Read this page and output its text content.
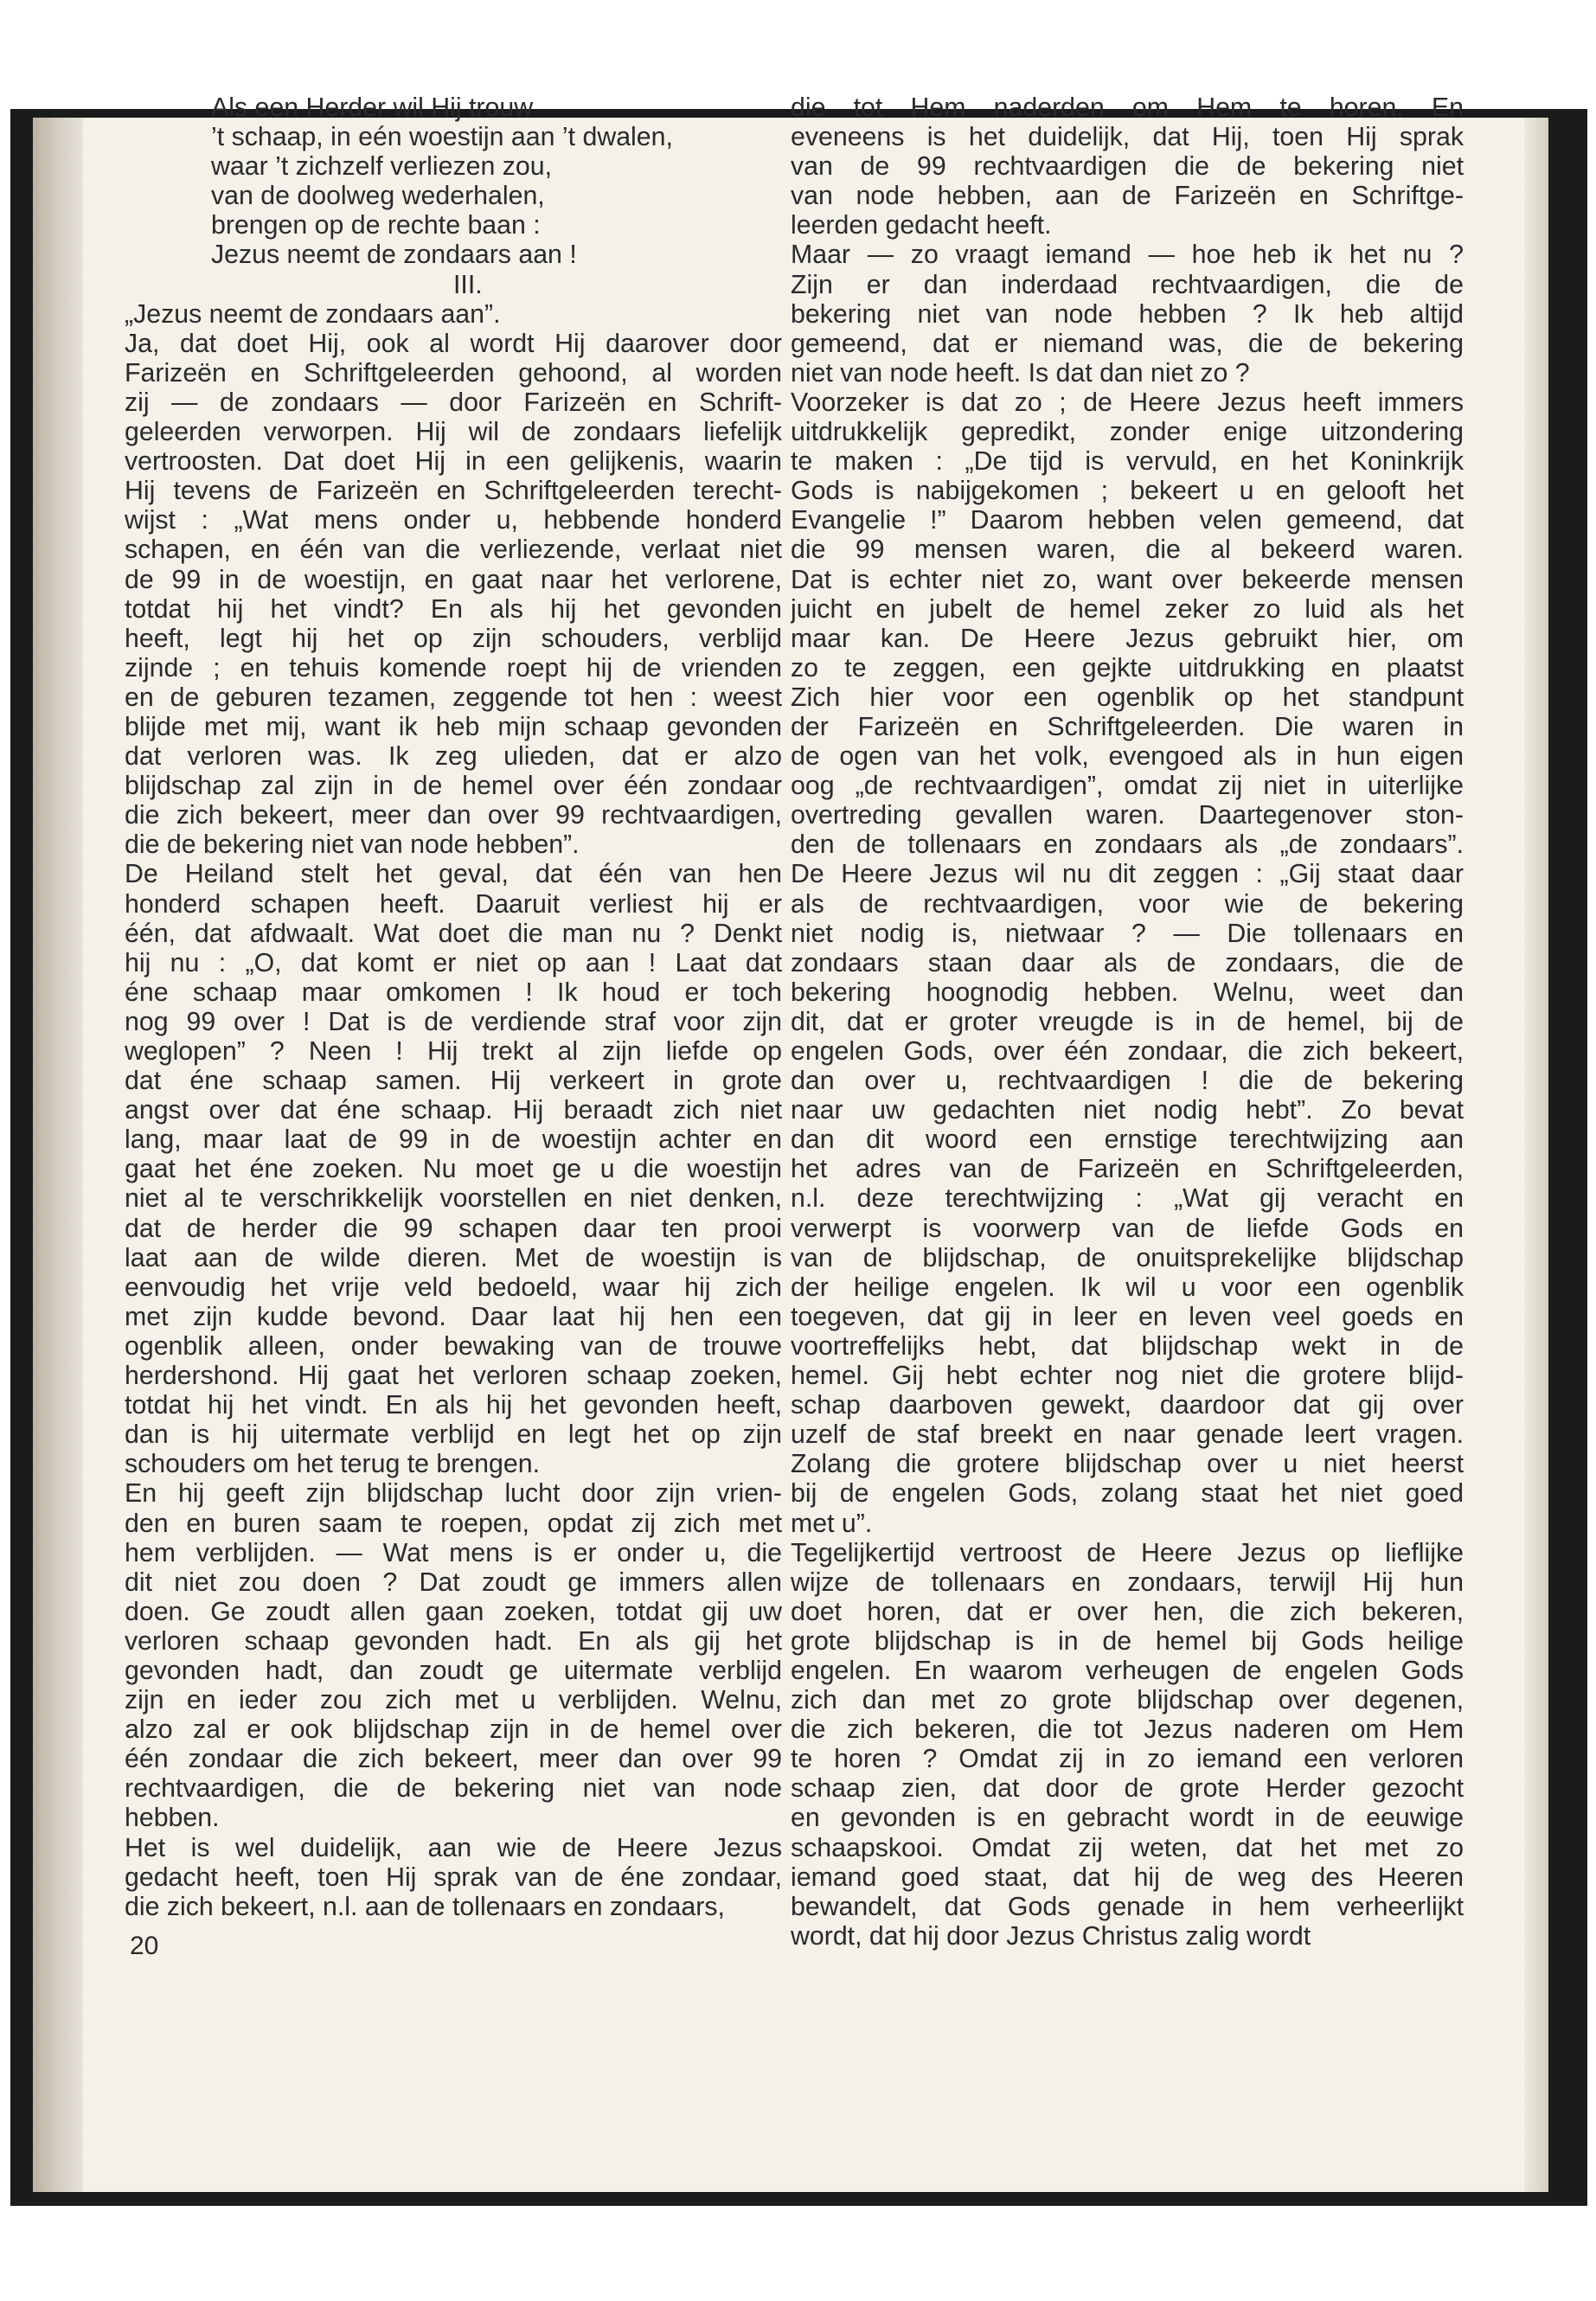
Als een Herder wil Hij trouw
’t schaap, in eén woestijn aan ’t dwalen,
waar ’t zichzelf verliezen zou,
van de doolweg wederhalen,
brengen op de rechte baan :
Jezus neemt de zondaars aan !
III.
„Jezus neemt de zondaars aan”.
Ja, dat doet Hij, ook al wordt Hij daarover door
Farizeën en Schriftgeleerden gehoond, al worden
zij — de zondaars — door Farizeën en Schrift-
geleerden verworpen. Hij wil de zondaars liefelijk
vertroosten. Dat doet Hij in een gelijkenis, waarin
Hij tevens de Farizeën en Schriftgeleerden terecht-
wijst : „Wat mens onder u, hebbende honderd
schapen, en één van die verliezende, verlaat niet
de 99 in de woestijn, en gaat naar het verlorene,
totdat hij het vindt? En als hij het gevonden
heeft, legt hij het op zijn schouders, verblijd
zijnde ; en tehuis komende roept hij de vrienden
en de geburen tezamen, zeggende tot hen : weest
blijde met mij, want ik heb mijn schaap gevonden
dat verloren was. Ik zeg ulieden, dat er alzo
blijdschap zal zijn in de hemel over één zondaar
die zich bekeert, meer dan over 99 rechtvaardigen,
die de bekering niet van node hebben”.
De Heiland stelt het geval, dat één van hen
honderd schapen heeft. Daaruit verliest hij er
één, dat afdwaalt. Wat doet die man nu ? Denkt
hij nu : „O, dat komt er niet op aan ! Laat dat
éne schaap maar omkomen ! Ik houd er toch
nog 99 over ! Dat is de verdiende straf voor zijn
weglopen” ? Neen ! Hij trekt al zijn liefde op
dat éne schaap samen. Hij verkeert in grote
angst over dat éne schaap. Hij beraadt zich niet
lang, maar laat de 99 in de woestijn achter en
gaat het éne zoeken. Nu moet ge u die woestijn
niet al te verschrikkelijk voorstellen en niet denken,
dat de herder die 99 schapen daar ten prooi
laat aan de wilde dieren. Met de woestijn is
eenvoudig het vrije veld bedoeld, waar hij zich
met zijn kudde bevond. Daar laat hij hen een
ogenblik alleen, onder bewaking van de trouwe
herdershond. Hij gaat het verloren schaap zoeken,
totdat hij het vindt. En als hij het gevonden heeft,
dan is hij uitermate verblijd en legt het op zijn
schouders om het terug te brengen.
En hij geeft zijn blijdschap lucht door zijn vrien-
den en buren saam te roepen, opdat zij zich met
hem verblijden. — Wat mens is er onder u, die
dit niet zou doen ? Dat zoudt ge immers allen
doen. Ge zoudt allen gaan zoeken, totdat gij uw
verloren schaap gevonden hadt. En als gij het
gevonden hadt, dan zoudt ge uitermate verblijd
zijn en ieder zou zich met u verblijden. Welnu,
alzo zal er ook blijdschap zijn in de hemel over
één zondaar die zich bekeert, meer dan over 99
rechtvaardigen, die de bekering niet van node
hebben.
Het is wel duidelijk, aan wie de Heere Jezus
gedacht heeft, toen Hij sprak van de éne zondaar,
die zich bekeert, n.l. aan de tollenaars en zondaars,
die tot Hem naderden om Hem te horen. En
eveneens is het duidelijk, dat Hij, toen Hij sprak
van de 99 rechtvaardigen die de bekering niet
van node hebben, aan de Farizeën en Schriftge-
leerden gedacht heeft.
Maar — zo vraagt iemand — hoe heb ik het nu ?
Zijn er dan inderdaad rechtvaardigen, die de
bekering niet van node hebben ? Ik heb altijd
gemeend, dat er niemand was, die de bekering
niet van node heeft. Is dat dan niet zo ?
Voorzeker is dat zo ; de Heere Jezus heeft immers
uitdrukkelijk gepredikt, zonder enige uitzondering
te maken : „De tijd is vervuld, en het Koninkrijk
Gods is nabijgekomen ; bekeert u en gelooft het
Evangelie !” Daarom hebben velen gemeend, dat
die 99 mensen waren, die al bekeerd waren.
Dat is echter niet zo, want over bekeerde mensen
juicht en jubelt de hemel zeker zo luid als het
maar kan. De Heere Jezus gebruikt hier, om
zo te zeggen, een gejkte uitdrukking en plaatst
Zich hier voor een ogenblik op het standpunt
der Farizeën en Schriftgeleerden. Die waren in
de ogen van het volk, evengoed als in hun eigen
oog „de rechtvaardigen”, omdat zij niet in uiterlijke
overtreding gevallen waren. Daartegenover ston-
den de tollenaars en zondaars als „de zondaars”.
De Heere Jezus wil nu dit zeggen : „Gij staat daar
als de rechtvaardigen, voor wie de bekering
niet nodig is, nietwaar ? — Die tollenaars en
zondaars staan daar als de zondaars, die de
bekering hoognodig hebben. Welnu, weet dan
dit, dat er groter vreugde is in de hemel, bij de
engelen Gods, over één zondaar, die zich bekeert,
dan over u, rechtvaardigen ! die de bekering
naar uw gedachten niet nodig hebt”. Zo bevat
dan dit woord een ernstige terechtwijzing aan
het adres van de Farizeën en Schriftgeleerden,
n.l. deze terechtwijzing : „Wat gij veracht en
verwerpt is voorwerp van de liefde Gods en
van de blijdschap, de onuitsprekelijke blijdschap
der heilige engelen. Ik wil u voor een ogenblik
toegeven, dat gij in leer en leven veel goeds en
voortreffelijks hebt, dat blijdschap wekt in de
hemel. Gij hebt echter nog niet die grotere blijd-
schap daarboven gewekt, daardoor dat gij over
uzelf de staf breekt en naar genade leert vragen.
Zolang die grotere blijdschap over u niet heerst
bij de engelen Gods, zolang staat het niet goed
met u”.
Tegelijkertijd vertroost de Heere Jezus op lieflijke
wijze de tollenaars en zondaars, terwijl Hij hun
doet horen, dat er over hen, die zich bekeren,
grote blijdschap is in de hemel bij Gods heilige
engelen. En waarom verheugen de engelen Gods
zich dan met zo grote blijdschap over degenen,
die zich bekeren, die tot Jezus naderen om Hem
te horen ? Omdat zij in zo iemand een verloren
schaap zien, dat door de grote Herder gezocht
en gevonden is en gebracht wordt in de eeuwige
schaapskooi. Omdat zij weten, dat het met zo
iemand goed staat, dat hij de weg des Heeren
bewandelt, dat Gods genade in hem verheerlijkt
wordt, dat hij door Jezus Christus zalig wordt
20
